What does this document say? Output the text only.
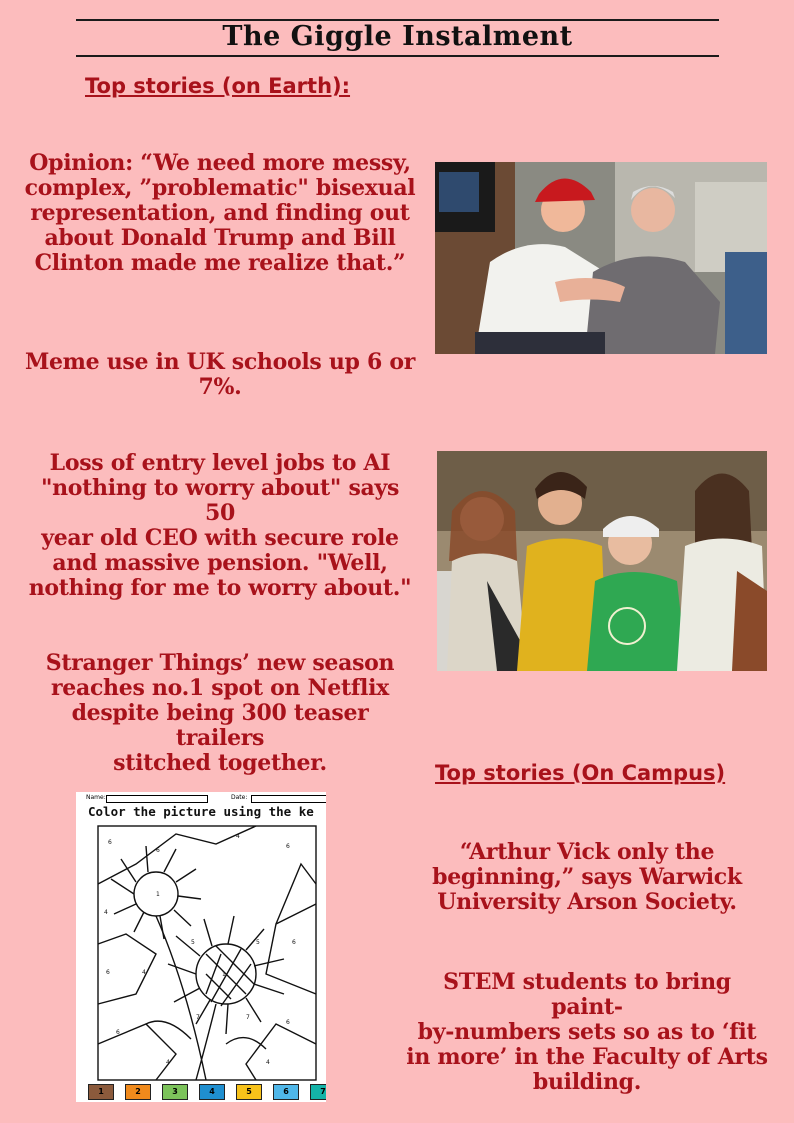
The Giggle Instalment
Top stories (on Earth):
Opinion: “We need more messy,
complex, ”problematic" bisexual
representation, and finding out
about Donald Trump and Bill
Clinton made me realize that.”
Meme use in UK schools up 6 or
7%.
Loss of entry level jobs to AI
"nothing to worry about" says 50
year old CEO with secure role
and massive pension. "Well,
nothing for me to worry about."
Stranger Things’ new season
reaches no.1 spot on Netflix
despite being 300 teaser trailers
stitched together.	Top stories (On Campus)
Name:	Date:
Color the picture using the ke
6
6
4
6
4
6
6	4
6
6
4	4
1
1
5	5
7	7
1	2	3	4	5	6	7
“Arthur Vick only the
beginning,” says Warwick
University Arson Society.
STEM students to bring paint-
by-numbers sets so as to ‘fit
in more’ in the Faculty of Arts
building.
